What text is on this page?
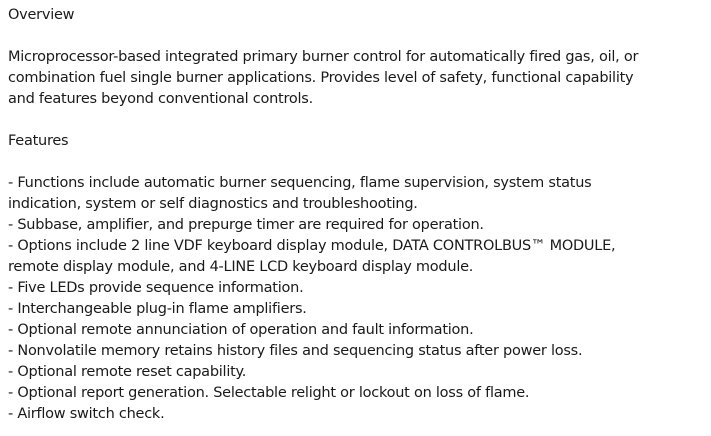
Overview

Microprocessor-based integrated primary burner control for automatically fired gas, oil, or
combination fuel single burner applications. Provides level of safety, functional capability
and features beyond conventional controls.

Features

- Functions include automatic burner sequencing, flame supervision, system status
indication, system or self diagnostics and troubleshooting.
- Subbase, amplifier, and prepurge timer are required for operation.
- Options include 2 line VDF keyboard display module, DATA CONTROLBUS™ MODULE,
remote display module, and 4-LINE LCD keyboard display module.
- Five LEDs provide sequence information.
- Interchangeable plug-in flame amplifiers.
- Optional remote annunciation of operation and fault information.
- Nonvolatile memory retains history files and sequencing status after power loss.
- Optional remote reset capability.
- Optional report generation. Selectable relight or lockout on loss of flame.
- Airflow switch check.
